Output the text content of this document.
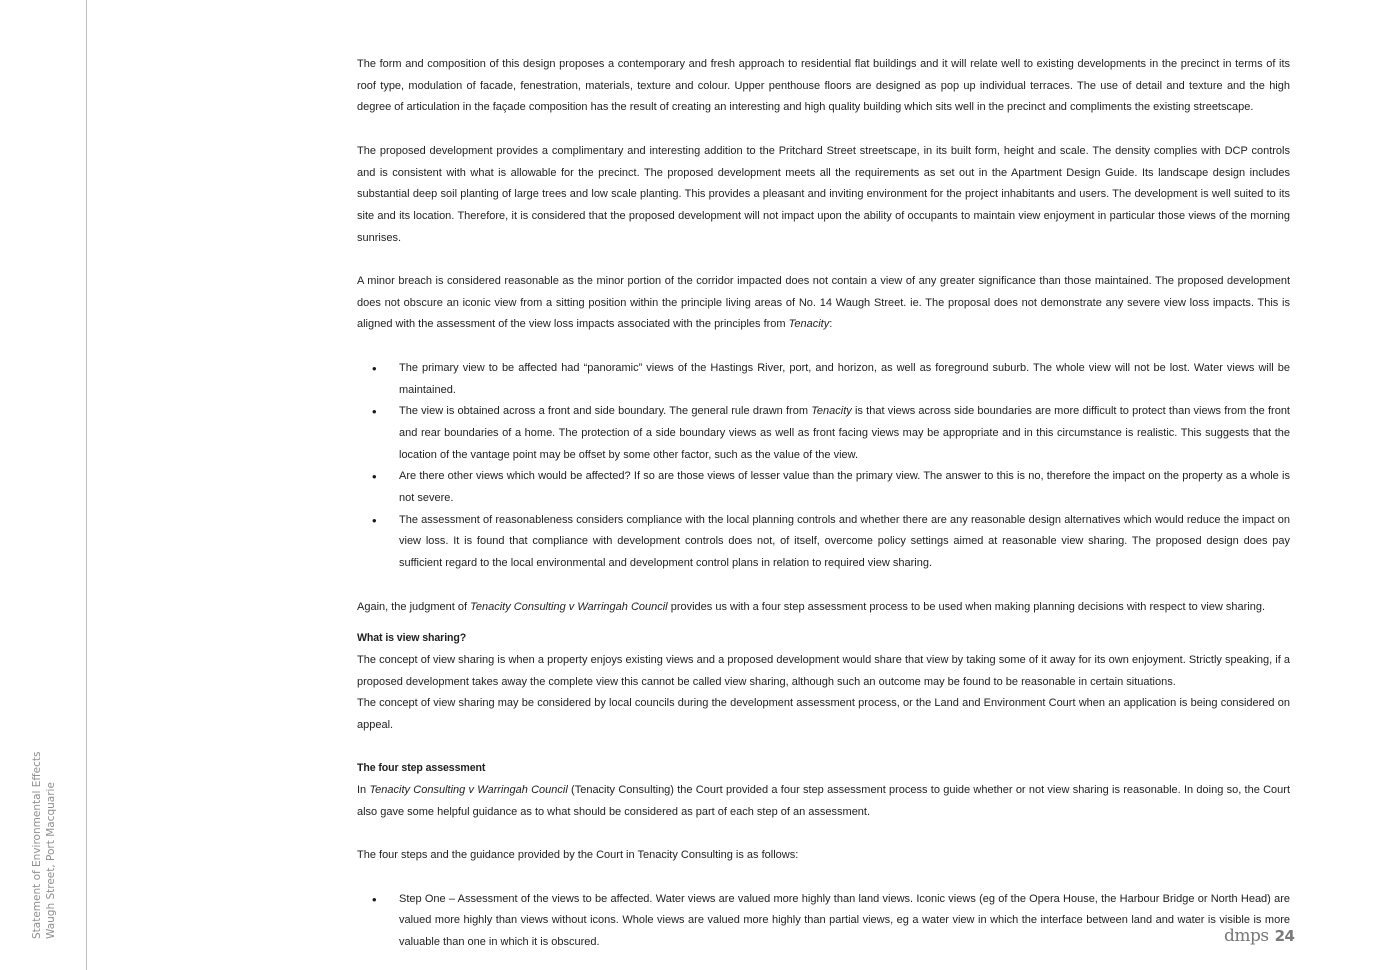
Statement of Environmental Effects Waugh Street, Port Macquarie

The form and composition of this design proposes a contemporary and fresh approach to residential flat buildings and it will relate well to existing developments in the precinct in terms of its roof type, modulation of facade, fenestration, materials, texture and colour. Upper penthouse floors are designed as pop up individual terraces. The use of detail and texture and the high degree of articulation in the façade composition has the result of creating an interesting and high quality building which sits well in the precinct and compliments the existing streetscape.

The proposed development provides a complimentary and interesting addition to the Pritchard Street streetscape, in its built form, height and scale. The density complies with DCP controls and is consistent with what is allowable for the precinct. The proposed development meets all the requirements as set out in the Apartment Design Guide. Its landscape design includes substantial deep soil planting of large trees and low scale planting. This provides a pleasant and inviting environment for the project inhabitants and users. The development is well suited to its site and its location. Therefore, it is considered that the proposed development will not impact upon the ability of occupants to maintain view enjoyment in particular those views of the morning sunrises.

A minor breach is considered reasonable as the minor portion of the corridor impacted does not contain a view of any greater significance than those maintained. The proposed development does not obscure an iconic view from a sitting position within the principle living areas of No. 14 Waugh Street. ie. The proposal does not demonstrate any severe view loss impacts. This is aligned with the assessment of the view loss impacts associated with the principles from Tenacity:

• The primary view to be affected had “panoramic” views of the Hastings River, port, and horizon, as well as foreground suburb. The whole view will not be lost. Water views will be maintained.
• The view is obtained across a front and side boundary. The general rule drawn from Tenacity is that views across side boundaries are more difficult to protect than views from the front and rear boundaries of a home. The protection of a side boundary views as well as front facing views may be appropriate and in this circumstance is realistic. This suggests that the location of the vantage point may be offset by some other factor, such as the value of the view.
• Are there other views which would be affected? If so are those views of lesser value than the primary view. The answer to this is no, therefore the impact on the property as a whole is not severe.
• The assessment of reasonableness considers compliance with the local planning controls and whether there are any reasonable design alternatives which would reduce the impact on view loss. It is found that compliance with development controls does not, of itself, overcome policy settings aimed at reasonable view sharing. The proposed design does pay sufficient regard to the local environmental and development control plans in relation to required view sharing.

Again, the judgment of Tenacity Consulting v Warringah Council provides us with a four step assessment process to be used when making planning decisions with respect to view sharing.

What is view sharing?

The concept of view sharing is when a property enjoys existing views and a proposed development would share that view by taking some of it away for its own enjoyment. Strictly speaking, if a proposed development takes away the complete view this cannot be called view sharing, although such an outcome may be found to be reasonable in certain situations.

The concept of view sharing may be considered by local councils during the development assessment process, or the Land and Environment Court when an application is being considered on appeal.

The four step assessment

In Tenacity Consulting v Warringah Council (Tenacity Consulting) the Court provided a four step assessment process to guide whether or not view sharing is reasonable. In doing so, the Court also gave some helpful guidance as to what should be considered as part of each step of an assessment.

The four steps and the guidance provided by the Court in Tenacity Consulting is as follows:

• Step One – Assessment of the views to be affected. Water views are valued more highly than land views. Iconic views (eg of the Opera House, the Harbour Bridge or North Head) are valued more highly than views without icons. Whole views are valued more highly than partial views, eg a water view in which the interface between land and water is visible is more valuable than one in which it is obscured.	dmps 24
